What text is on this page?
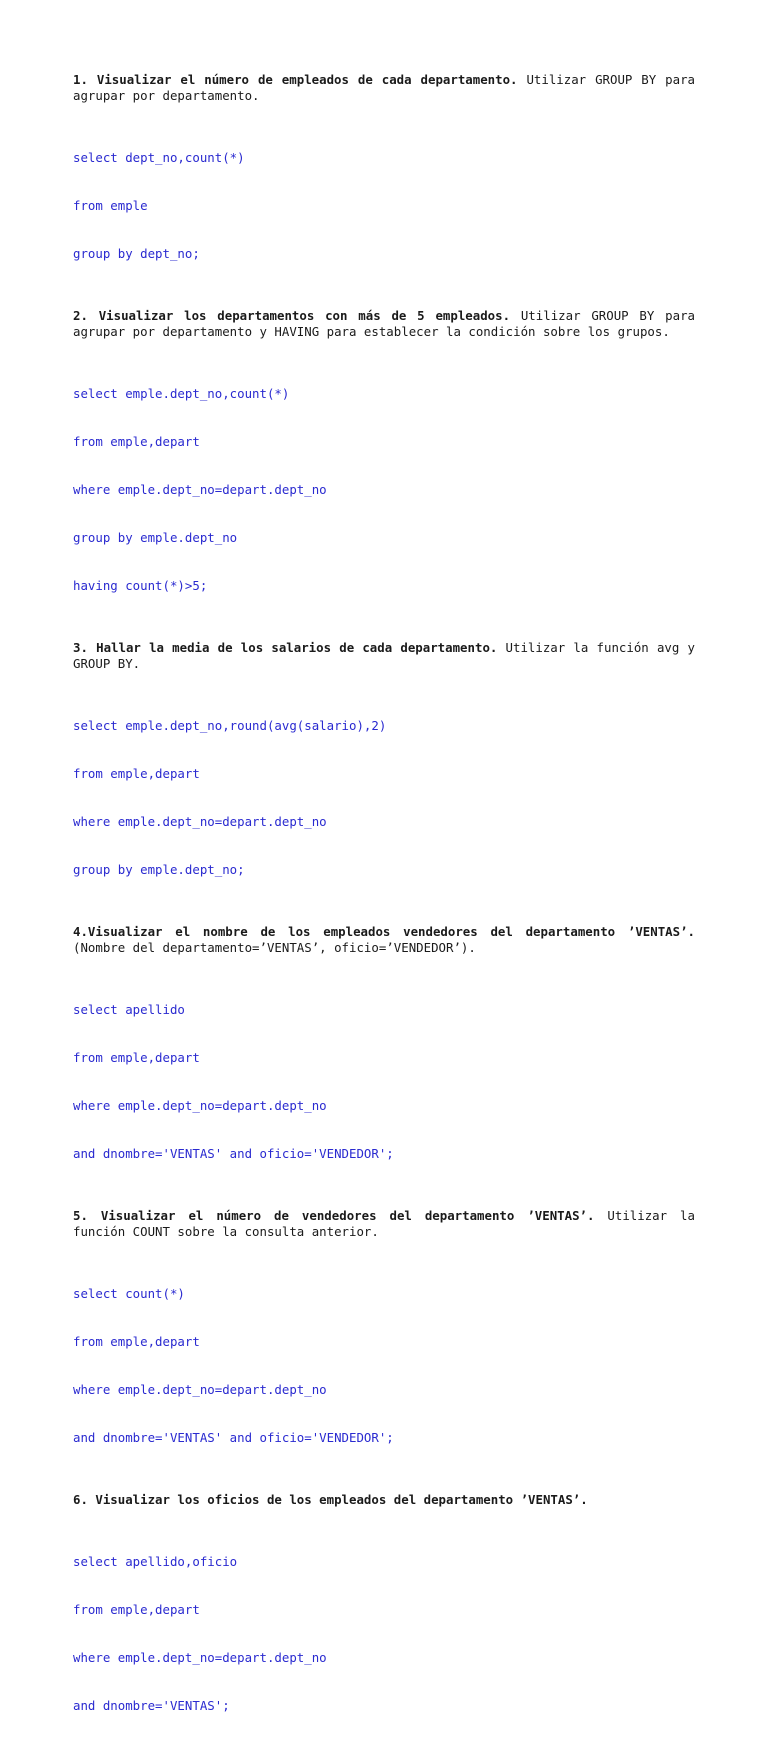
1. Visualizar el número de empleados de cada departamento. Utilizar GROUP BY para agrupar por departamento.

select dept_no,count(*)

from emple

group by dept_no;

2. Visualizar los departamentos con más de 5 empleados. Utilizar GROUP BY para agrupar por departamento y HAVING para establecer la condición sobre los grupos.

select emple.dept_no,count(*)

from emple,depart

where emple.dept_no=depart.dept_no

group by emple.dept_no

having count(*)>5;

3. Hallar la media de los salarios de cada departamento. Utilizar la función avg y GROUP BY.

select emple.dept_no,round(avg(salario),2)

from emple,depart

where emple.dept_no=depart.dept_no

group by emple.dept_no;

4.Visualizar el nombre de los empleados vendedores del departamento ’VENTAS’. (Nombre del departamento=’VENTAS’, oficio=’VENDEDOR’).

select apellido

from emple,depart

where emple.dept_no=depart.dept_no

and dnombre='VENTAS' and oficio='VENDEDOR';

5. Visualizar el número de vendedores del departamento ’VENTAS’. Utilizar la función COUNT sobre la consulta anterior.

select count(*)

from emple,depart

where emple.dept_no=depart.dept_no

and dnombre='VENTAS' and oficio='VENDEDOR';

6. Visualizar los oficios de los empleados del departamento ’VENTAS’.

select apellido,oficio

from emple,depart

where emple.dept_no=depart.dept_no

and dnombre='VENTAS';
